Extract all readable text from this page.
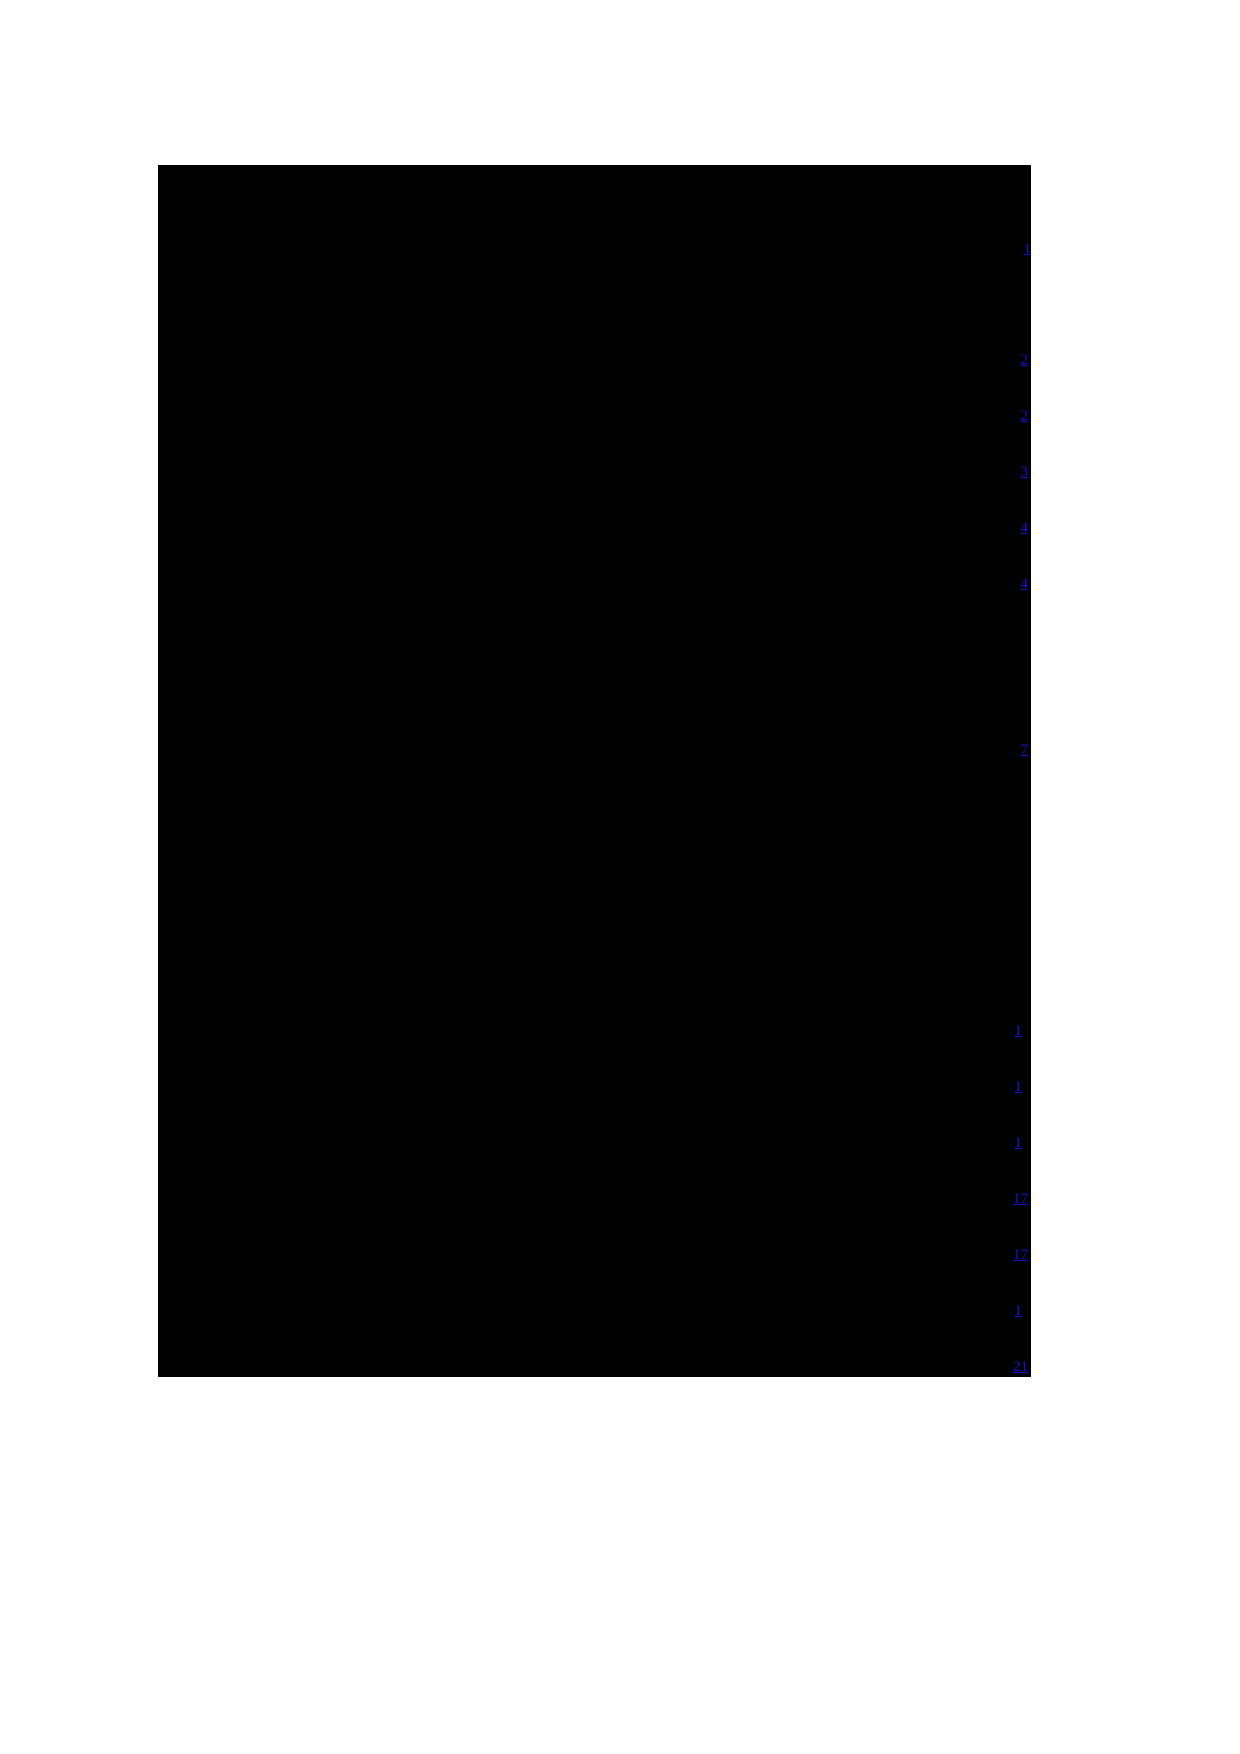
1
2
2
3
4
4
7
1
1
1
17
17
1
21
